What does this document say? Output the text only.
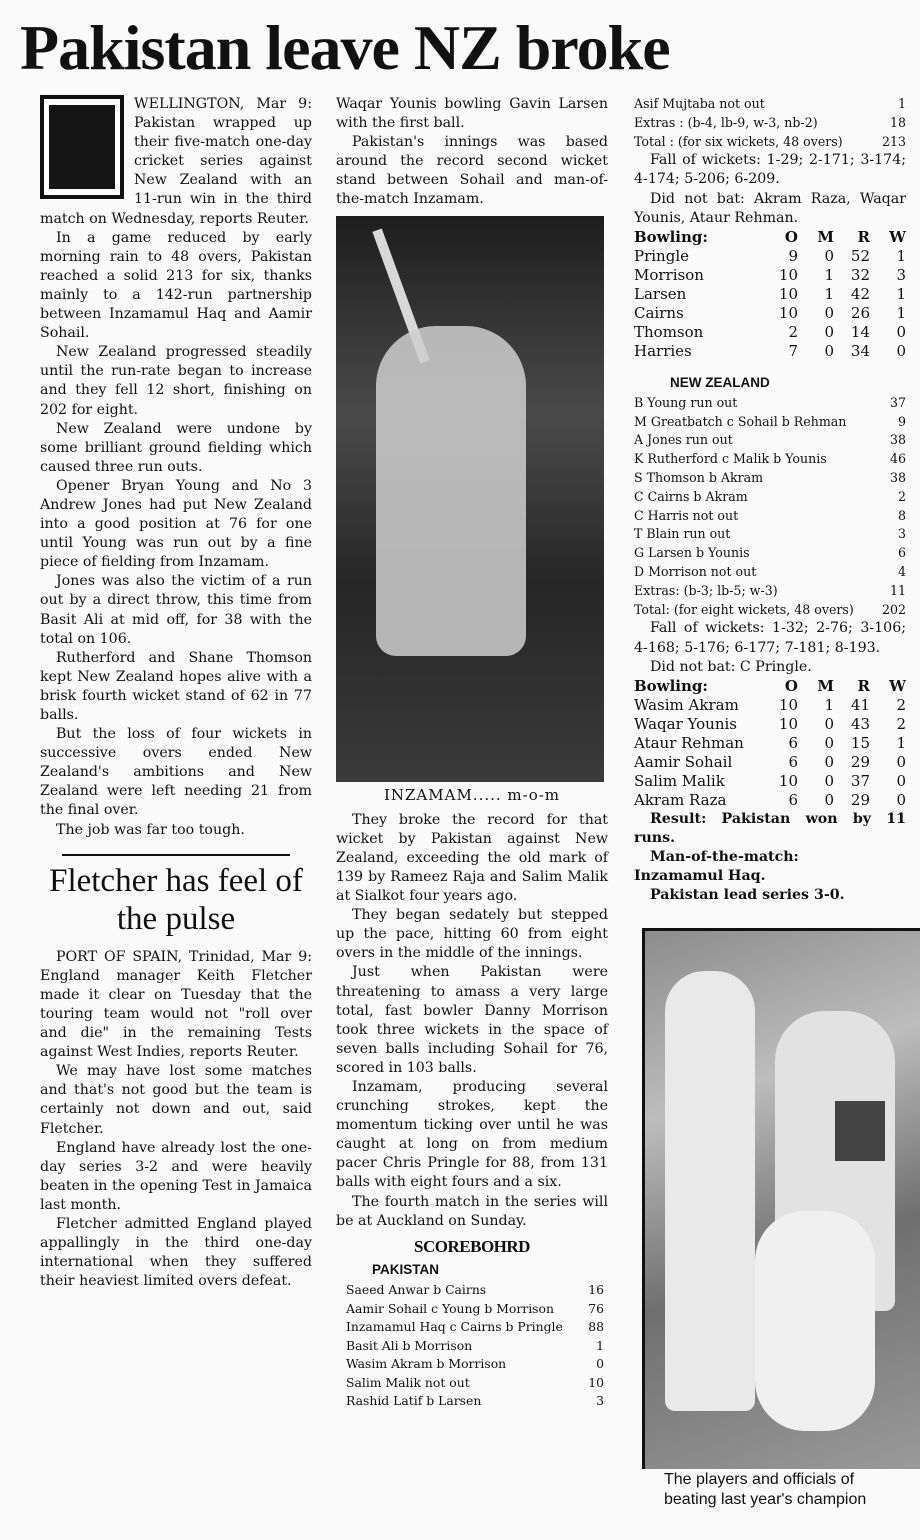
Pakistan leave NZ broke

WELLINGTON, Mar 9: Pakistan wrapped up their five-match one-day cricket series against New Zealand with an 11-run win in the third match on Wednesday, reports Reuter.

In a game reduced by early morning rain to 48 overs, Pakistan reached a solid 213 for six, thanks mainly to a 142-run partnership between Inzamamul Haq and Aamir Sohail.

New Zealand progressed steadily until the run-rate began to increase and they fell 12 short, finishing on 202 for eight.

New Zealand were undone by some brilliant ground fielding which caused three run outs.

Opener Bryan Young and No 3 Andrew Jones had put New Zealand into a good position at 76 for one until Young was run out by a fine piece of fielding from Inzamam.

Jones was also the victim of a run out by a direct throw, this time from Basit Ali at mid off, for 38 with the total on 106.

Rutherford and Shane Thomson kept New Zealand hopes alive with a brisk fourth wicket stand of 62 in 77 balls.

But the loss of four wickets in successive overs ended New Zealand's ambitions and New Zealand were left needing 21 from the final over.

The job was far too tough.

Fletcher has feel of the pulse

PORT OF SPAIN, Trinidad, Mar 9: England manager Keith Fletcher made it clear on Tuesday that the touring team would not "roll over and die" in the remaining Tests against West Indies, reports Reuter.

We may have lost some matches and that's not good but the team is certainly not down and out, said Fletcher.

England have already lost the one-day series 3-2 and were heavily beaten in the opening Test in Jamaica last month.

Fletcher admitted England played appallingly in the third one-day international when they suffered their heaviest limited overs defeat.

Waqar Younis bowling Gavin Larsen with the first ball.

Pakistan's innings was based around the record second wicket stand between Sohail and man-of-the-match Inzamam.

INZAMAM..... m-o-m

They broke the record for that wicket by Pakistan against New Zealand, exceeding the old mark of 139 by Rameez Raja and Salim Malik at Sialkot four years ago.

They began sedately but stepped up the pace, hitting 60 from eight overs in the middle of the innings.

Just when Pakistan were threatening to amass a very large total, fast bowler Danny Morrison took three wickets in the space of seven balls including Sohail for 76, scored in 103 balls.

Inzamam, producing several crunching strokes, kept the momentum ticking over until he was caught at long on from medium pacer Chris Pringle for 88, from 131 balls with eight fours and a six.

The fourth match in the series will be at Auckland on Sunday.

SCOREBOHRD
PAKISTAN
Saeed Anwar b Cairns	16
Aamir Sohail c Young b Morrison	76
Inzamamul Haq c Cairns b Pringle 88
Basit Ali b Morrison	1
Wasim Akram b Morrison	0
Salim Malik not out	10
Rashid Latif b Larsen	3
Asif Mujtaba not out	1
Extras : (b-4, lb-9, w-3, nb-2)	18
Total : (for six wickets, 48 overs)	213

Fall of wickets: 1-29; 2-171; 3-174; 4-174; 5-206; 6-209.

Did not bat: Akram Raza, Waqar Younis, Ataur Rehman.

Bowling:	O	M	R	W
Pringle	9	0	52	1
Morrison	10	1	32	3
Larsen	10	1	42	1
Cairns	10	0	26	1
Thomson	2	0	14	0
Harries	7	0	34	0
NEW ZEALAND
B Young run out	37
M Greatbatch c Sohail b Rehman	9
A Jones run out	38
K Rutherford c Malik b Younis	46
S Thomson b Akram	38
C Cairns b Akram	2
C Harris not out	8
T Blain run out	3
G Larsen b Younis	6
D Morrison not out	4
Extras: (b-3; lb-5; w-3)	11
Total: (for eight wickets, 48 overs) 202

Fall of wickets: 1-32; 2-76; 3-106; 4-168; 5-176; 6-177; 7-181; 8-193.

Did not bat: C Pringle.

Bowling:	O	M	R	W
Wasim Akram	10	1	41	2
Waqar Younis	10	0	43	2
Ataur Rehman	6	0	15	1
Aamir Sohail	6	0	29	0
Salim Malik	10	0	37	0
Akram Raza	6	0	29	0

Result: Pakistan won by 11 runs.

Man-of-the-match:

Inzamamul Haq.

Pakistan lead series 3-0.

The players and officials of
beating last year's champion
